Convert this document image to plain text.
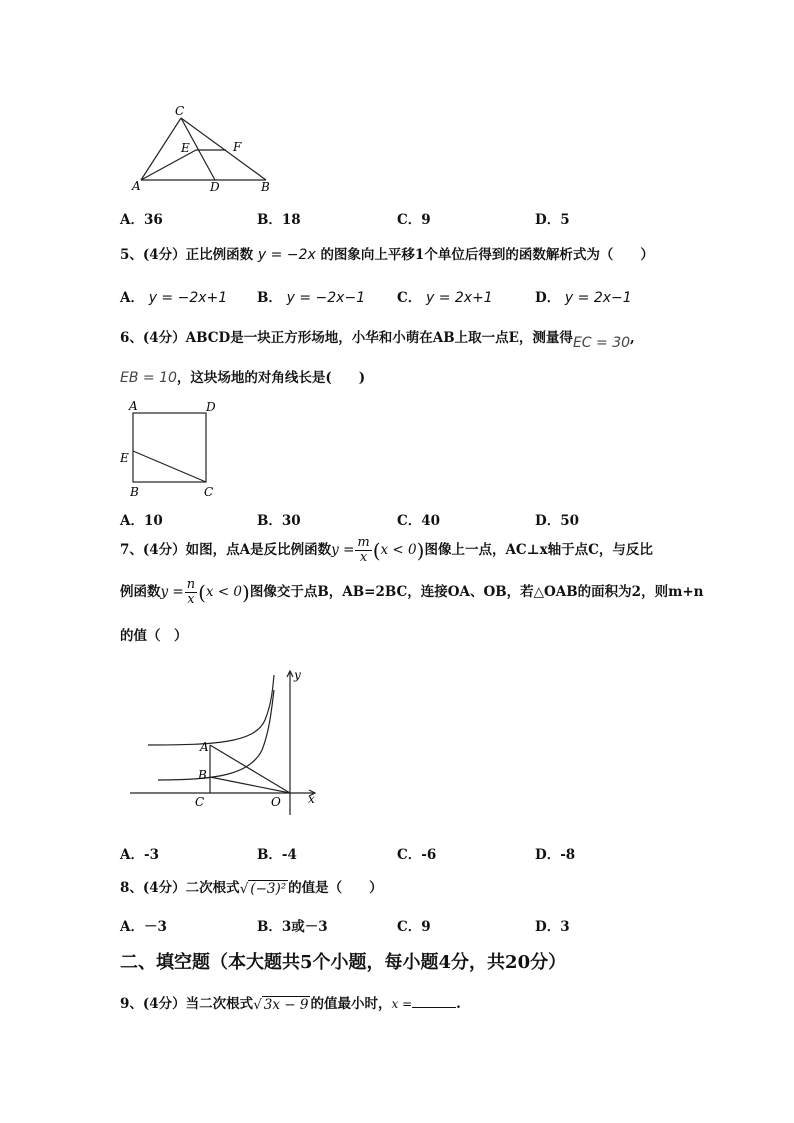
C
E	F
A	D	B
A．36	B．18	C．9	D．5
5、(4分）正比例函数 y = −2x 的图象向上平移1个单位后得到的函数解析式为（　　）
A． y = −2x+1 B． y = −2x−1 C． y = 2x+1	D． y = 2x−1
6、(4分）ABCD是一块正方形场地，小华和小萌在AB上取一点E，测量得EC = 30,
EB = 10，这块场地的对角线长是(　　)
A	D
E
B	C
A．10	B．30	C．40	D．50
7、(4分）如图，点A是反比例函数$y = \frac{m}{x} (x < 0)$图像上一点，AC⊥x轴于点C，与反比
例函数$y = \frac{n}{x} (x < 0)$图像交于点B，AB=2BC，连接OA、OB，若△OAB的面积为2，则m+n
的值（　）
y
A
B
C	O x
A．-3	B．-4	C．-6	D．-8
8、(4分）二次根式√ (−3)² 的值是（　　）
A．－3	B．3或－3	C．9	D．3
二、填空题（本大题共5个小题，每小题4分，共20分）
9、(4分）当二次根式√ 3x − 9 的值最小时，x =	.
